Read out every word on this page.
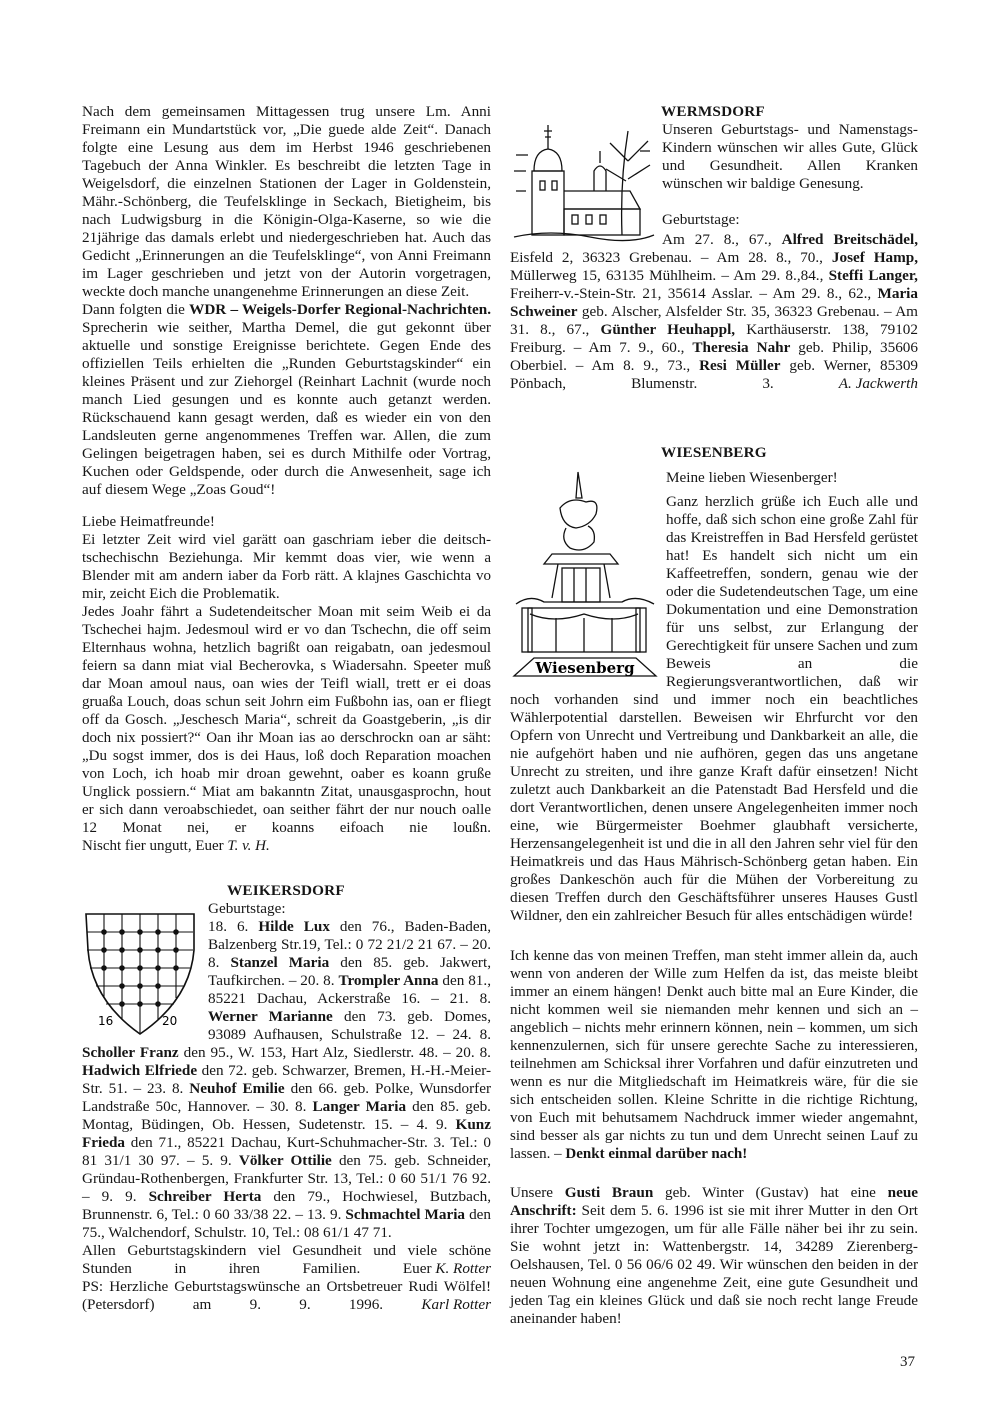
Nach dem gemeinsamen Mittagessen trug unsere Lm. Anni Freimann ein Mundartstück vor, „Die guede alde Zeit“. Danach folgte eine Lesung aus dem im Herbst 1946 geschriebenen Tagebuch der Anna Winkler. Es beschreibt die letzten Tage in Weigelsdorf, die einzelnen Stationen der Lager in Goldenstein, Mähr.-Schönberg, die Teufelsklinge in Seckach, Bietigheim, bis nach Ludwigsburg in die Königin-Olga-Kaserne, so wie die 21jährige das damals erlebt und niedergeschrieben hat. Auch das Gedicht „Erinnerungen an die Teufelsklinge“, von Anni Freimann im Lager geschrieben und jetzt von der Autorin vorgetragen, weckte doch manche unangenehme Erinnerungen an diese Zeit.

Dann folgten die WDR – Weigels-Dorfer Regional-Nachrichten. Sprecherin wie seither, Martha Demel, die gut gekonnt über aktuelle und sonstige Ereignisse berichtete. Gegen Ende des offiziellen Teils erhielten die „Runden Geburtstagskinder“ ein kleines Präsent und zur Ziehorgel (Reinhart Lachnit (wurde noch manch Lied gesungen und es konnte auch getanzt werden. Rückschauend kann gesagt werden, daß es wieder ein von den Landsleuten gerne angenommenes Treffen war. Allen, die zum Gelingen beigetragen haben, sei es durch Mithilfe oder Vortrag, Kuchen oder Geldspende, oder durch die Anwesenheit, sage ich auf diesem Wege „Zoas Goud“!

Liebe Heimatfreunde!

Ei letzter Zeit wird viel garätt oan gaschriam ieber die deitsch-tschechischn Beziehunga. Mir kemmt doas vier, wie wenn a Blender mit am andern iaber da Forb rätt. A klajnes Gaschichta vo mir, zeicht Eich die Problematik.

Jedes Joahr fährt a Sudetendeitscher Moan mit seim Weib ei da Tschechei hajm. Jedesmoul wird er vo dan Tschechn, die off seim Elternhaus wohna, hetzlich bagrißt oan reigabatn, oan jedesmoul feiern sa dann miat vial Becherovka, s Wiadersahn. Speeter muß dar Moan amoul naus, oan wies der Teifl wiall, trett er ei doas gruaßa Louch, doas schun seit Johrn eim Fußbohn ias, oan er fliegt off da Gosch. „Jeschesch Maria“, schreit da Goastgeberin, „is dir doch nix possiert?“ Oan ihr Moan ias ao derschrockn oan ar säht: „Du sogst immer, dos is dei Haus, loß doch Reparation moachen von Loch, ich hoab mir droan gewehnt, oaber es koann gruße Unglick possiern.“ Miat am bakanntn Zitat, unausgasprochn, hout er sich dann veroabschiedet, oan seither fährt der nur nouch oalle 12 Monat nei, er koanns eifoach nie loußn. Nischt fier ungutt, Euer T. v. H.

WEIKERSDORF
16	20
Geburtstage:

18. 6. Hilde Lux den 76., Baden-Baden, Balzenberg Str.19, Tel.: 0 72 21/2 21 67. – 20. 8. Stanzel Maria den 85. geb. Jakwert, Taufkirchen. – 20. 8. Trompler Anna den 81., 85221 Dachau, Ackerstraße 16. – 21. 8. Werner Marianne den 73. geb. Domes, 93089 Aufhausen, Schulstraße 12. – 24. 8. Scholler Franz den 95., W. 153, Hart Alz, Siedlerstr. 48. – 20. 8. Hadwich Elfriede den 72. geb. Schwarzer, Bremen, H.-H.-Meier-Str. 51. – 23. 8. Neuhof Emilie den 66. geb. Polke, Wunsdorfer Landstraße 50c, Hannover. – 30. 8. Langer Maria den 85. geb. Montag, Büdingen, Ob. Hessen, Sudetenstr. 15. – 4. 9. Kunz Frieda den 71., 85221 Dachau, Kurt-Schuhmacher-Str. 3. Tel.: 0 81 31/1 30 97. – 5. 9. Völker Ottilie den 75. geb. Schneider, Gründau-Rothenbergen, Frankfurter Str. 13, Tel.: 0 60 51/1 76 92. – 9. 9. Schreiber Herta den 79., Hochwiesel, Butzbach, Brunnenstr. 6, Tel.: 0 60 33/38 22. – 13. 9. Schmachtel Maria den 75., Walchendorf, Schulstr. 10, Tel.: 08 61/1 47 71.

Allen Geburtstagskindern viel Gesundheit und viele schöne Stunden in ihren Familien. Euer K. Rotter

PS: Herzliche Geburtstagswünsche an Ortsbetreuer Rudi Wölfel! (Petersdorf) am 9. 9. 1996. Karl Rotter

WERMSDORF

Unseren Geburtstags- und Namenstags-Kindern wünschen wir alles Gute, Glück und Gesundheit. Allen Kranken wünschen wir baldige Genesung.

Geburtstage:

Am 27. 8., 67., Alfred Breitschädel, Eisfeld 2, 36323 Grebenau. – Am 28. 8., 70., Josef Hamp, Müllerweg 15, 63135 Mühlheim. – Am 29. 8.,84., Steffi Langer, Freiherr-v.-Stein-Str. 21, 35614 Asslar. – Am 29. 8., 62., Maria Schweiner geb. Alscher, Alsfelder Str. 35, 36323 Grebenau. – Am 31. 8., 67., Günther Heuhappl, Karthäuserstr. 138, 79102 Freiburg. – Am 7. 9., 60., Theresia Nahr geb. Philip, 35606 Oberbiel. – Am 8. 9., 73., Resi Müller geb. Werner, 85309 Pönbach, Blumenstr. 3. A. Jackwerth

WIESENBERG
Wiesenberg

Meine lieben Wiesenberger!

Ganz herzlich grüße ich Euch alle und hoffe, daß sich schon eine große Zahl für das Kreistreffen in Bad Hersfeld gerüstet hat! Es handelt sich nicht um ein Kaffeetreffen, sondern, genau wie der oder die Sudetendeutschen Tage, um eine Dokumentation und eine Demonstration für uns selbst, zur Erlangung der Gerechtigkeit für unsere Sachen und zum Beweis an die Regierungsverantwortlichen, daß wir noch vorhanden sind und immer noch ein beachtliches Wählerpotential darstellen. Beweisen wir Ehrfurcht vor den Opfern von Unrecht und Vertreibung und Dankbarkeit an alle, die nie aufgehört haben und nie aufhören, gegen das uns angetane Unrecht zu streiten, und ihre ganze Kraft dafür einsetzen! Nicht zuletzt auch Dankbarkeit an die Patenstadt Bad Hersfeld und die dort Verantwortlichen, denen unsere Angelegenheiten immer noch eine, wie Bürgermeister Boehmer glaubhaft versicherte, Herzensangelegenheit ist und die in all den Jahren sehr viel für den Heimatkreis und das Haus Mährisch-Schönberg getan haben. Ein großes Dankeschön auch für die Mühen der Vorbereitung zu diesen Treffen durch den Geschäftsführer unseres Hauses Gustl Wildner, den ein zahlreicher Besuch für alles entschädigen würde!

Ich kenne das von meinen Treffen, man steht immer allein da, auch wenn von anderen der Wille zum Helfen da ist, das meiste bleibt immer an einem hängen! Denkt auch bitte mal an Eure Kinder, die nicht kommen weil sie niemanden mehr kennen und sich an – angeblich – nichts mehr erinnern können, nein – kommen, um sich kennenzulernen, sich für unsere gerechte Sache zu interessieren, teilnehmen am Schicksal ihrer Vorfahren und dafür einzutreten und wenn es nur die Mitgliedschaft im Heimatkreis wäre, für die sie sich entscheiden sollen. Kleine Schritte in die richtige Richtung, von Euch mit behutsamem Nachdruck immer wieder angemahnt, sind besser als gar nichts zu tun und dem Unrecht seinen Lauf zu lassen. – Denkt einmal darüber nach!

Unsere Gusti Braun geb. Winter (Gustav) hat eine neue Anschrift: Seit dem 5. 6. 1996 ist sie mit ihrer Mutter in den Ort ihrer Tochter umgezogen, um für alle Fälle näher bei ihr zu sein. Sie wohnt jetzt in: Wattenbergstr. 14, 34289 Zierenberg-Oelshausen, Tel. 0 56 06/6 02 49. Wir wünschen den beiden in der neuen Wohnung eine angenehme Zeit, eine gute Gesundheit und jeden Tag ein kleines Glück und daß sie noch recht lange Freude aneinander haben!

37
